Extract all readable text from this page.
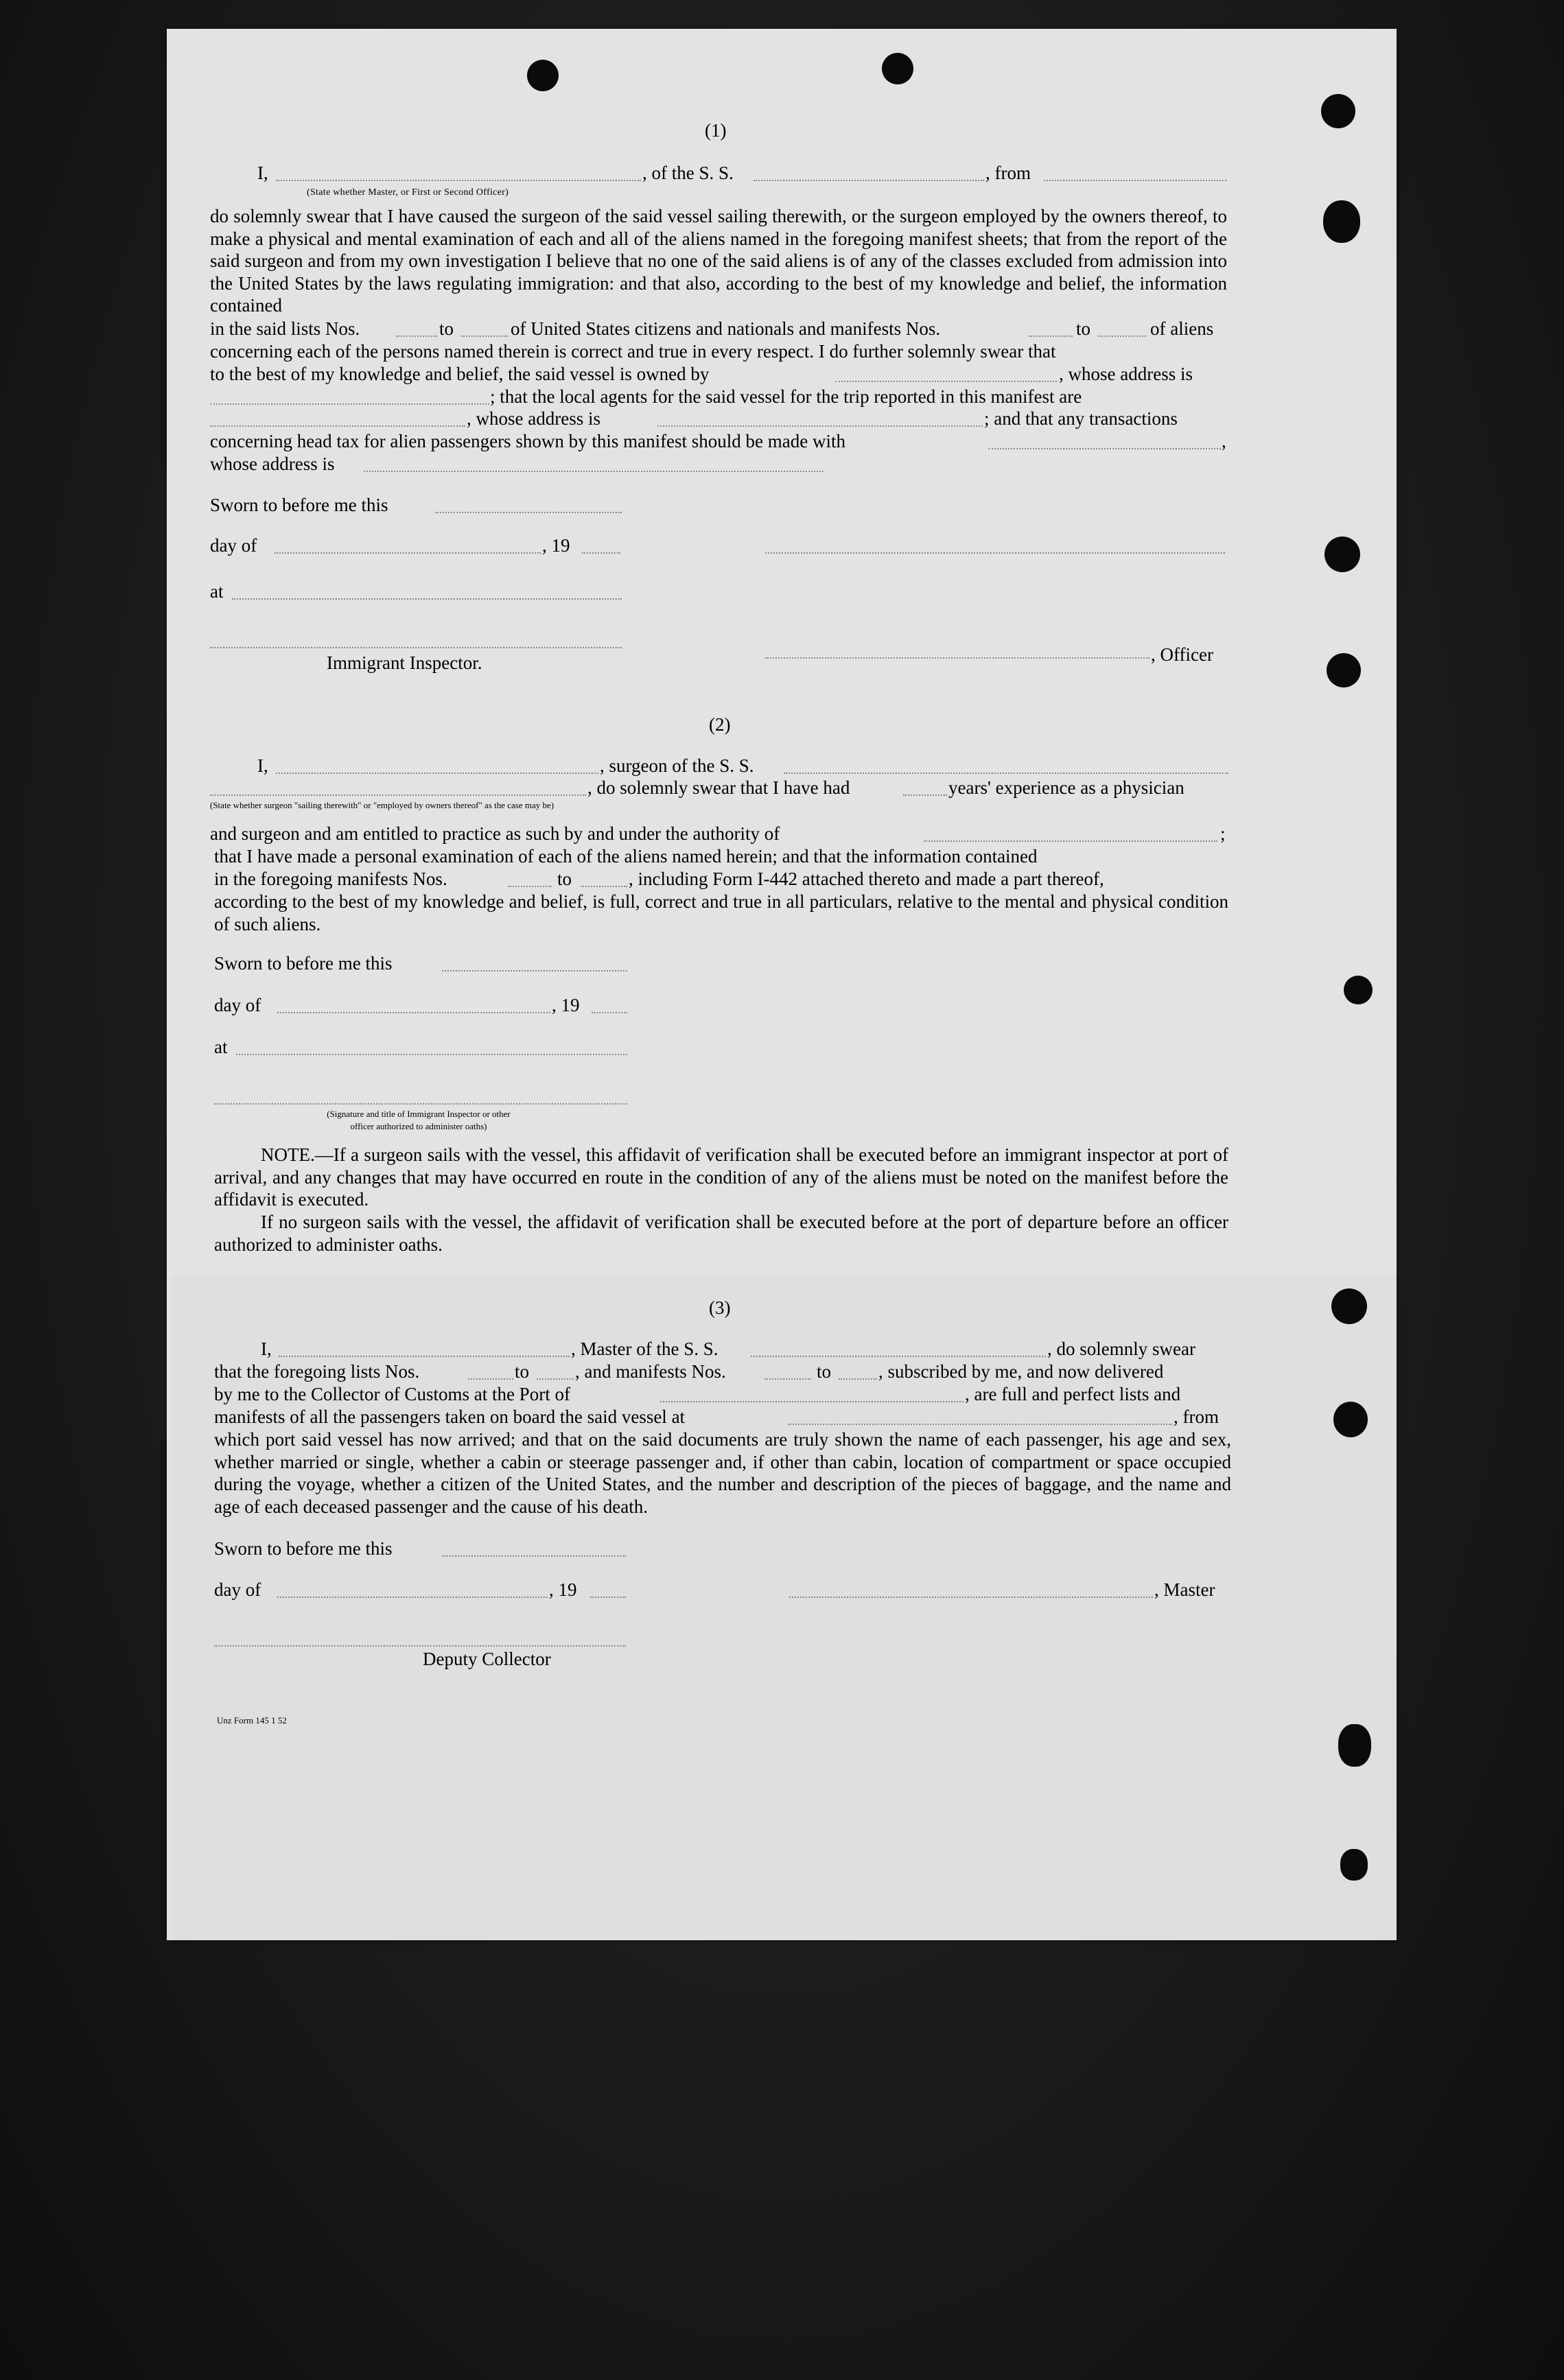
(1)
I,	, of the S. S.	, from
(State whether Master, or First or Second Officer)
do solemnly swear that I have caused the surgeon of the said vessel sailing therewith, or the surgeon employed by the owners thereof, to make a physical and mental examination of each and all of the aliens named in the foregoing manifest sheets; that from the report of the said surgeon and from my own investigation I believe that no one of the said aliens is of any of the classes excluded from admission into the United States by the laws regulating immigration: and that also, according to the best of my knowledge and belief, the information contained
in the said lists Nos.	to	of United States citizens and nationals and manifests Nos.	to	of aliens
concerning each of the persons named therein is correct and true in every respect. I do further solemnly swear that
to the best of my knowledge and belief, the said vessel is owned by	, whose address is
; that the local agents for the said vessel for the trip reported in this manifest are
, whose address is	; and that any transactions
concerning head tax for alien passengers shown by this manifest should be made with	,
whose address is
Sworn to before me this
day of	, 19
at
Immigrant Inspector.	, Officer
(2)
I,	, surgeon of the S. S.
, do solemnly swear that I have had	years' experience as a physician
(State whether surgeon "sailing therewith" or "employed by owners thereof" as the case may be)
and surgeon and am entitled to practice as such by and under the authority of	;
that I have made a personal examination of each of the aliens named herein; and that the information contained
in the foregoing manifests Nos.	to	, including Form I-442 attached thereto and made a part thereof,
according to the best of my knowledge and belief, is full, correct and true in all particulars, relative to the mental and physical condition of such aliens.
Sworn to before me this
day of	, 19
at
(Signature and title of Immigrant Inspector or other
officer authorized to administer oaths)
NOTE.—If a surgeon sails with the vessel, this affidavit of verification shall be executed before an immigrant inspector at port of arrival, and any changes that may have occurred en route in the condition of any of the aliens must be noted on the manifest before the affidavit is executed.
If no surgeon sails with the vessel, the affidavit of verification shall be executed before at the port of departure before an officer authorized to administer oaths.
(3)
I,	, Master of the S. S.	, do solemnly swear
that the foregoing lists Nos.	to , and manifests Nos.	to	, subscribed by me, and now delivered
by me to the Collector of Customs at the Port of	, are full and perfect lists and
manifests of all the passengers taken on board the said vessel at	, from
which port said vessel has now arrived; and that on the said documents are truly shown the name of each passenger, his age and sex, whether married or single, whether a cabin or steerage passenger and, if other than cabin, location of compartment or space occupied during the voyage, whether a citizen of the United States, and the number and description of the pieces of baggage, and the name and age of each deceased passenger and the cause of his death.
Sworn to before me this
day of	, 19	, Master
Deputy Collector
Unz Form 145 1 52
